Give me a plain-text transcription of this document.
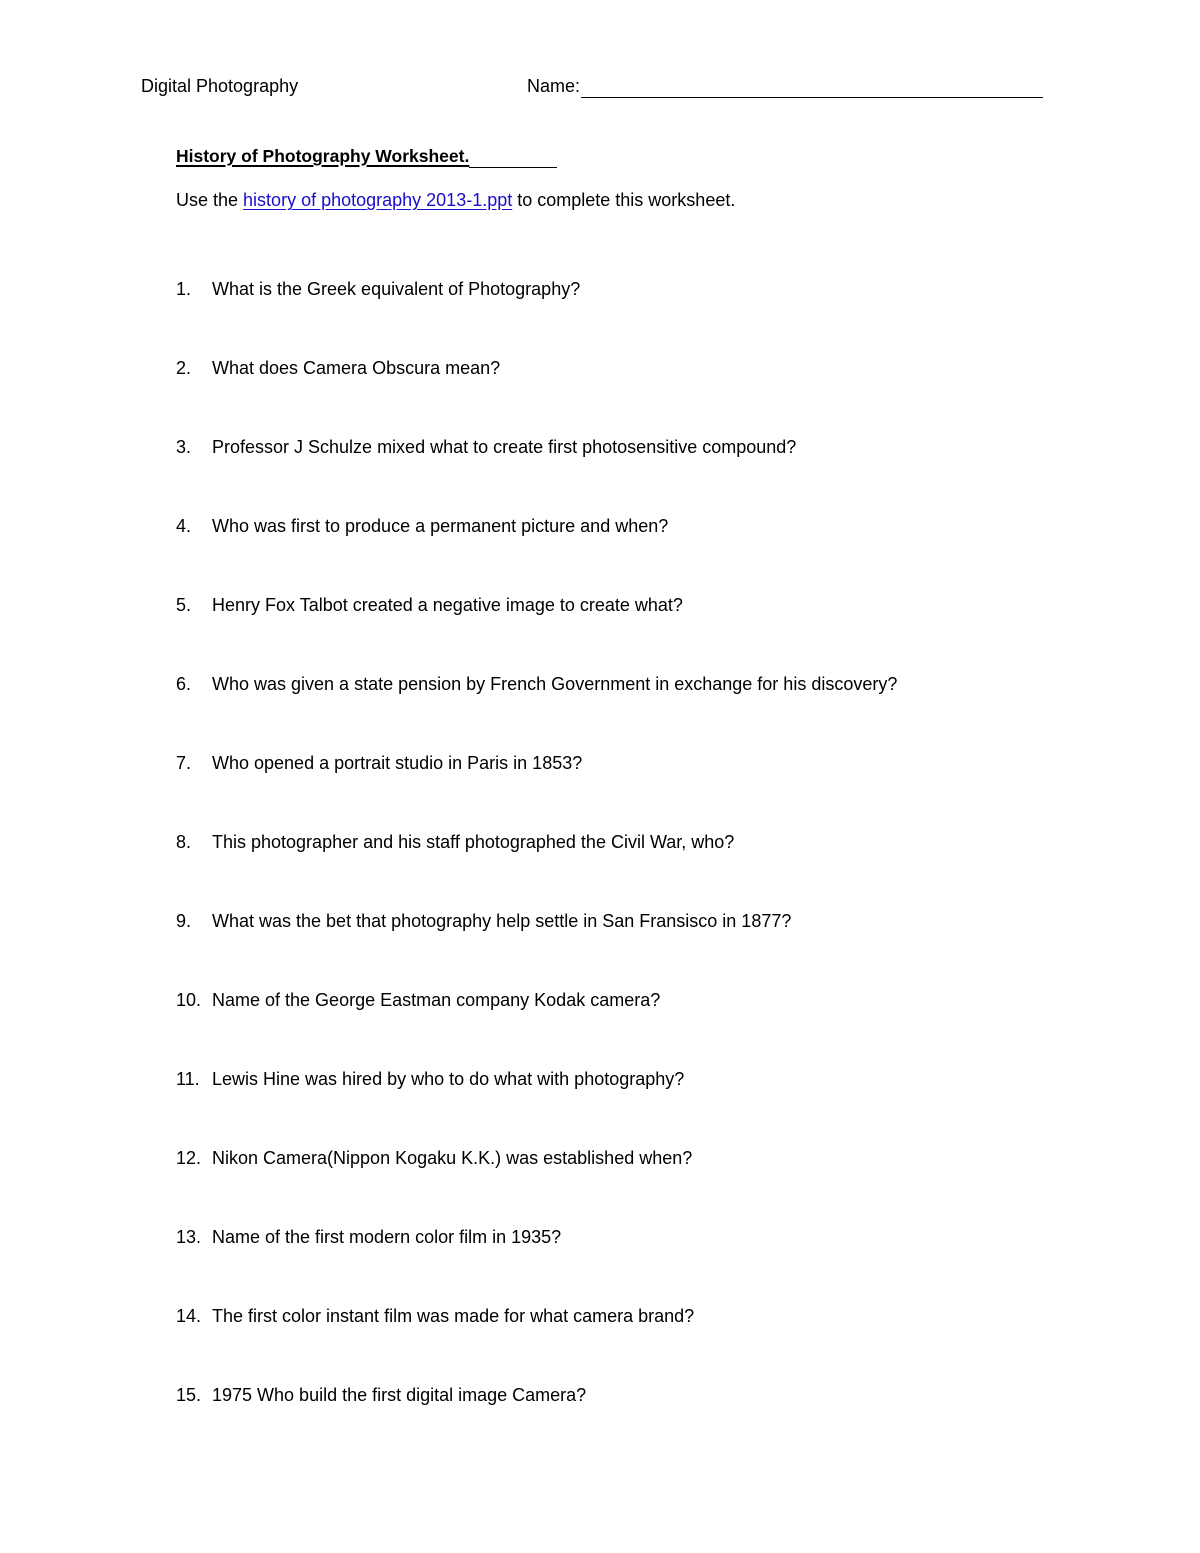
Digital Photography	Name:
History of Photography Worksheet.
Use the history of photography 2013-1.ppt to complete this worksheet.
1.	What is the Greek equivalent of Photography?
2.	What does Camera Obscura mean?
3.	Professor J Schulze mixed what to create first photosensitive compound?
4.	Who was first to produce a permanent picture and when?
5.	Henry Fox Talbot created a negative image to create what?
6.	Who was given a state pension by French Government in exchange for his discovery?
7.	Who opened a portrait studio in Paris in 1853?
8.	This photographer and his staff photographed the Civil War, who?
9.	What was the bet that photography help settle in San Fransisco in 1877?
10. Name of the George Eastman company Kodak camera?
11. Lewis Hine was hired by who to do what with photography?
12. Nikon Camera(Nippon Kogaku K.K.) was established when?
13. Name of the first modern color film in 1935?
14. The first color instant film was made for what camera brand?
15. 1975 Who build the first digital image Camera?
